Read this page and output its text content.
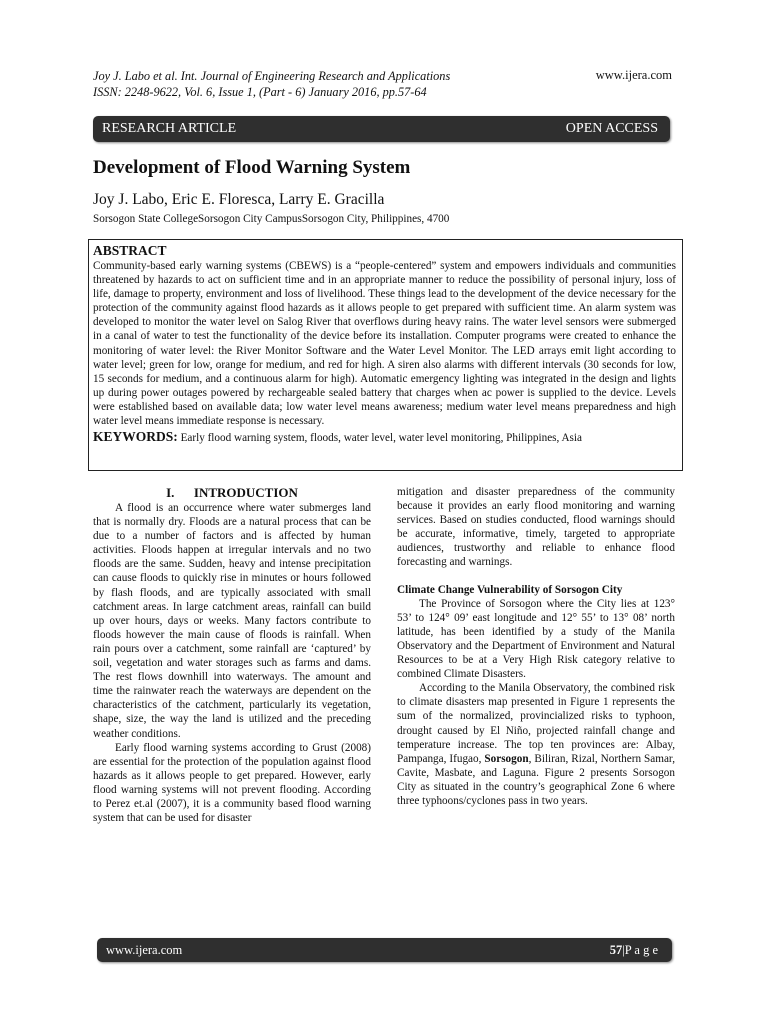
Joy J. Labo et al. Int. Journal of Engineering Research and Applications
ISSN: 2248-9622, Vol. 6, Issue 1, (Part - 6) January 2016, pp.57-64
www.ijera.com
RESEARCH ARTICLE	OPEN ACCESS
Development of Flood Warning System
Joy J. Labo, Eric E. Floresca, Larry E. Gracilla
Sorsogon State CollegeSorsogon City CampusSorsogon City, Philippines, 4700
ABSTRACT
Community-based early warning systems (CBEWS) is a “people-centered” system and empowers individuals and communities threatened by hazards to act on sufficient time and in an appropriate manner to reduce the possibility of personal injury, loss of life, damage to property, environment and loss of livelihood. These things lead to the development of the device necessary for the protection of the community against flood hazards as it allows people to get prepared with sufficient time. An alarm system was developed to monitor the water level on Salog River that overflows during heavy rains. The water level sensors were submerged in a canal of water to test the functionality of the device before its installation. Computer programs were created to enhance the monitoring of water level: the River Monitor Software and the Water Level Monitor. The LED arrays emit light according to water level; green for low, orange for medium, and red for high. A siren also alarms with different intervals (30 seconds for low, 15 seconds for medium, and a continuous alarm for high). Automatic emergency lighting was integrated in the design and lights up during power outages powered by rechargeable sealed battery that charges when ac power is supplied to the device. Levels were established based on available data; low water level means awareness; medium water level means preparedness and high water level means immediate response is necessary.
KEYWORDS: Early flood warning system, floods, water level, water level monitoring, Philippines, Asia
I.      INTRODUCTION

A flood is an occurrence where water submerges land that is normally dry. Floods are a natural process that can be due to a number of factors and is affected by human activities. Floods happen at irregular intervals and no two floods are the same. Sudden, heavy and intense precipitation can cause floods to quickly rise in minutes or hours followed by flash floods, and are typically associated with small catchment areas. In large catchment areas, rainfall can build up over hours, days or weeks. Many factors contribute to floods however the main cause of floods is rainfall. When rain pours over a catchment, some rainfall are ‘captured’ by soil, vegetation and water storages such as farms and dams. The rest flows downhill into waterways. The amount and time the rainwater reach the waterways are dependent on the characteristics of the catchment, particularly its vegetation, shape, size, the way the land is utilized and the preceding weather conditions.

Early flood warning systems according to Grust (2008) are essential for the protection of the population against flood hazards as it allows people to get prepared. However, early flood warning systems will not prevent flooding. According to Perez et.al (2007), it is a community based flood warning system that can be used for disaster

mitigation and disaster preparedness of the community because it provides an early flood monitoring and warning services. Based on studies conducted, flood warnings should be accurate, informative, timely, targeted to appropriate audiences, trustworthy and reliable to enhance flood forecasting and warnings.

Climate Change Vulnerability of Sorsogon City

The Province of Sorsogon where the City lies at 123° 53’ to 124° 09’ east longitude and 12° 55’ to 13° 08’ north latitude, has been identified by a study of the Manila Observatory and the Department of Environment and Natural Resources to be at a Very High Risk category relative to combined Climate Disasters.

According to the Manila Observatory, the combined risk to climate disasters map presented in Figure 1 represents the sum of the normalized, provincialized risks to typhoon, drought caused by El Niño, projected rainfall change and temperature increase. The top ten provinces are: Albay, Pampanga, Ifugao, Sorsogon, Biliran, Rizal, Northern Samar, Cavite, Masbate, and Laguna. Figure 2 presents Sorsogon City as situated in the country’s geographical Zone 6 where three typhoons/cyclones pass in two years.

www.ijera.com	57|P a g e
